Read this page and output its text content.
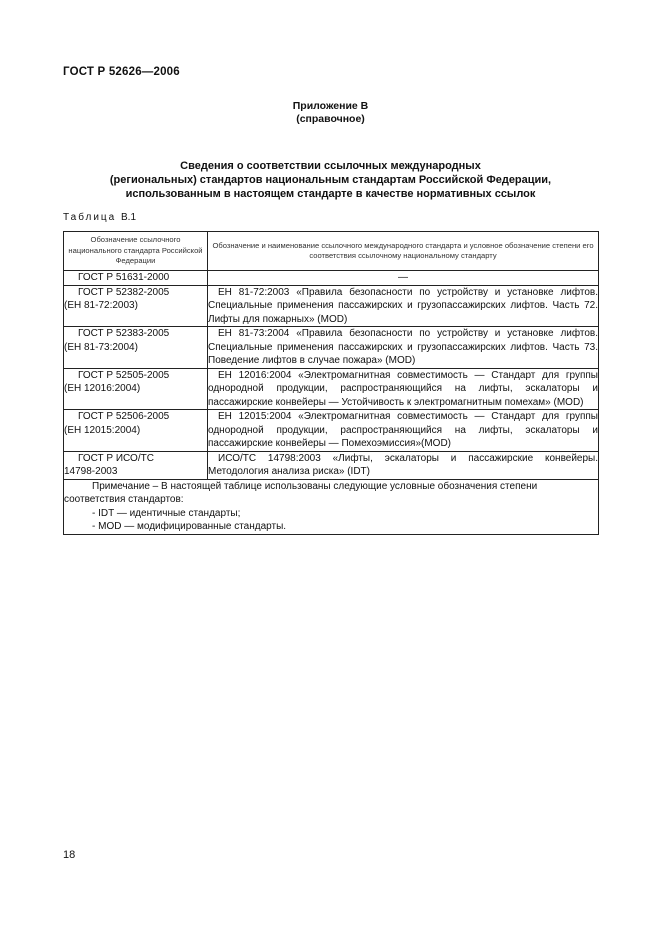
ГОСТ Р 52626—2006
Приложение В
(справочное)
Сведения о соответствии ссылочных международных
(региональных) стандартов национальным стандартам Российской Федерации,
использованным в настоящем стандарте в качестве нормативных ссылок
Таблица В.1
Обозначение ссылочного национального стандарта Российской Федерации	Обозначение и наименование ссылочного международного стандарта и условное обозначение степени его соответствия ссылочному национальному стандарту

ГОСТ Р 51631-2000	—

ГОСТ Р 52382-2005
(ЕН 81-72:2003)	ЕН 81-72:2003 «Правила безопасности по устройству и установке лифтов. Специальные применения пассажирских и грузопассажирских лифтов. Часть 72. Лифты для пожарных» (MOD)

ГОСТ Р 52383-2005
(ЕН 81-73:2004)	ЕН 81-73:2004 «Правила безопасности по устройству и установке лифтов. Специальные применения пассажирских и грузопассажирских лифтов. Часть 73. Поведение лифтов в случае пожара» (MOD)

ГОСТ Р 52505-2005
(ЕН 12016:2004)	ЕН 12016:2004 «Электромагнитная совместимость — Стандарт для группы однородной продукции, распространяющийся на лифты, эскалаторы и пассажирские конвейеры — Устойчивость к электромагнитным помехам» (MOD)

ГОСТ Р 52506-2005
(ЕН 12015:2004)	ЕН 12015:2004 «Электромагнитная совместимость — Стандарт для группы однородной продукции, распространяющийся на лифты, эскалаторы и пассажирские конвейеры — Помехоэмиссия»(MOD)

ГОСТ Р ИСО/ТС
14798-2003	ИСО/ТС 14798:2003 «Лифты, эскалаторы и пассажирские конвейеры. Методология анализа риска» (IDT)

Примечание – В настоящей таблице использованы следующие условные обозначения степени соответствия стандартов:
- IDT — идентичные стандарты;
- MOD — модифицированные стандарты.	
18
